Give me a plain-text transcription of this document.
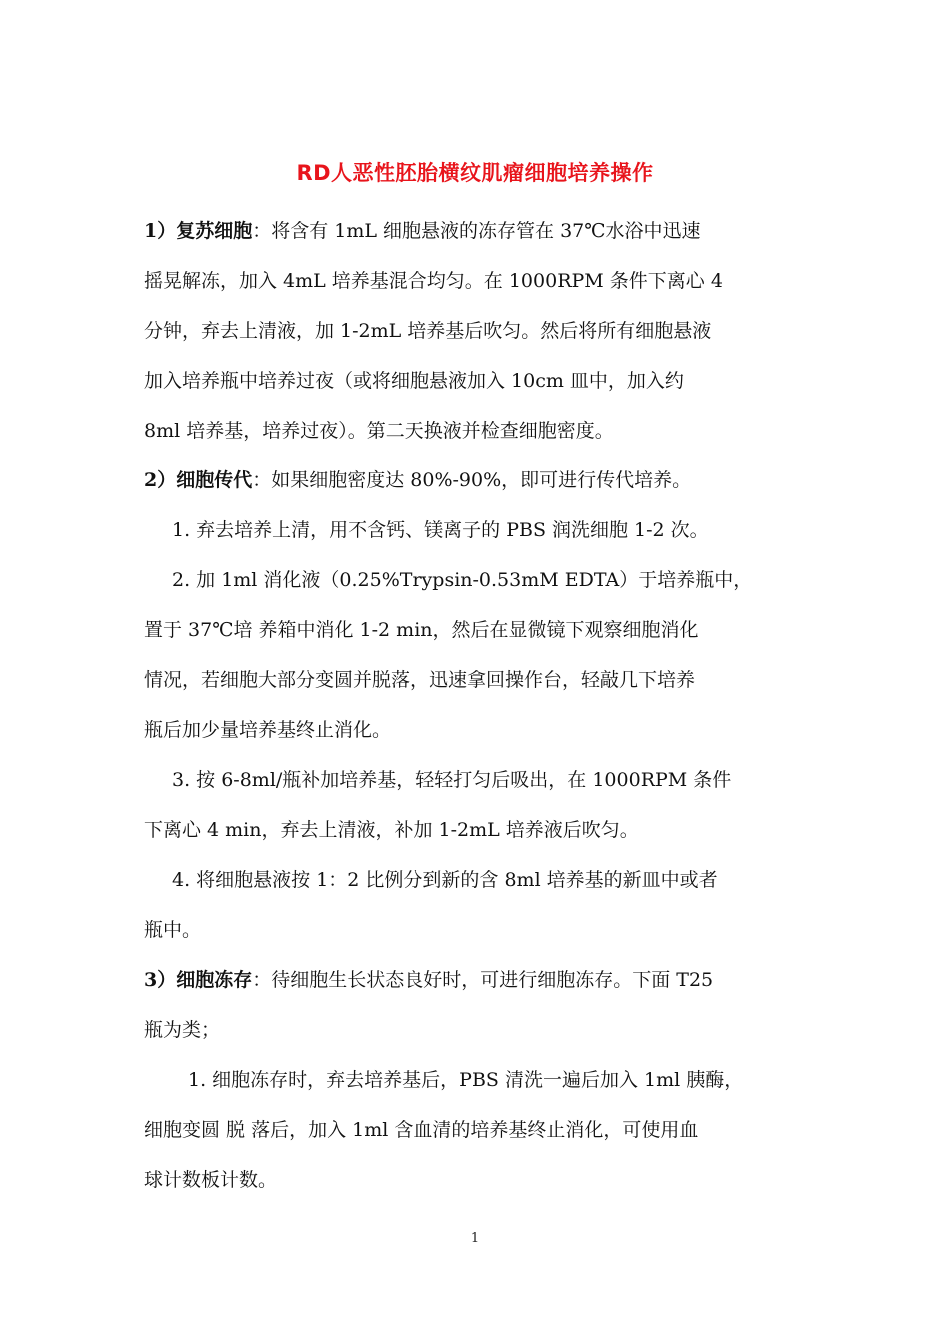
RD人恶性胚胎横纹肌瘤细胞培养操作
1）复苏细胞：将含有 1mL 细胞悬液的冻存管在 37℃水浴中迅速
摇晃解冻，加入 4mL 培养基混合均匀。在 1000RPM 条件下离心 4
分钟，弃去上清液，加 1-2mL 培养基后吹匀。然后将所有细胞悬液
加入培养瓶中培养过夜（或将细胞悬液加入 10cm 皿中，加入约
8ml 培养基，培养过夜）。第二天换液并检查细胞密度。
2）细胞传代：如果细胞密度达 80%-90%，即可进行传代培养。
1. 弃去培养上清，用不含钙、镁离子的 PBS 润洗细胞 1-2 次。
2. 加 1ml 消化液（0.25%Trypsin-0.53mM EDTA）于培养瓶中，
置于 37℃培 养箱中消化 1-2 min，然后在显微镜下观察细胞消化
情况，若细胞大部分变圆并脱落，迅速拿回操作台，轻敲几下培养
瓶后加少量培养基终止消化。
3. 按 6-8ml/瓶补加培养基，轻轻打匀后吸出，在 1000RPM 条件
下离心 4 min，弃去上清液，补加 1-2mL 培养液后吹匀。
4. 将细胞悬液按 1：2 比例分到新的含 8ml 培养基的新皿中或者
瓶中。
3）细胞冻存：待细胞生长状态良好时，可进行细胞冻存。下面 T25
瓶为类；
1. 细胞冻存时，弃去培养基后，PBS 清洗一遍后加入 1ml 胰酶，
细胞变圆 脱 落后，加入 1ml 含血清的培养基终止消化，可使用血
球计数板计数。
1
